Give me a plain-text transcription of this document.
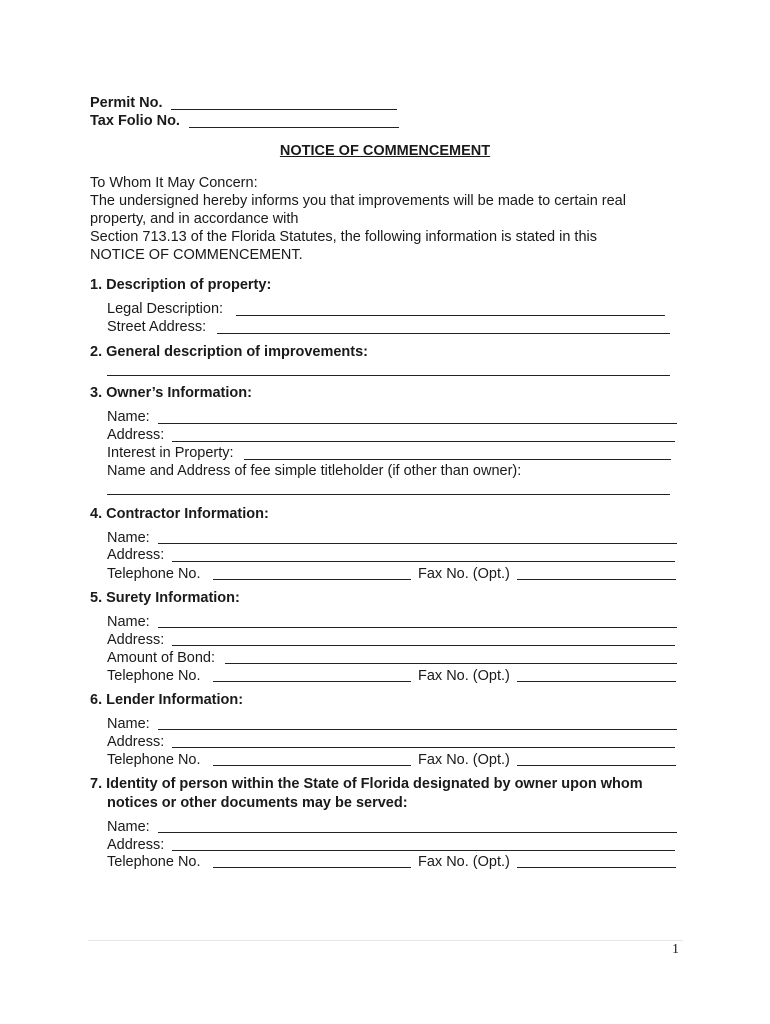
Permit No.
Tax Folio No.
NOTICE OF COMMENCEMENT
To Whom It May Concern:
The undersigned hereby informs you that improvements will be made to certain real
property, and in accordance with
Section 713.13 of the Florida Statutes, the following information is stated in this
NOTICE OF COMMENCEMENT.
1. Description of property:
Legal Description:
Street Address:
2. General description of improvements:
3. Owner’s Information:
Name:
Address:
Interest in Property:
Name and Address of fee simple titleholder (if other than owner):
4. Contractor Information:
Name:
Address:
Telephone No.	Fax No. (Opt.)
5. Surety Information:
Name:
Address:
Amount of Bond:
Telephone No.	Fax No. (Opt.)
6. Lender Information:
Name:
Address:
Telephone No.	Fax No. (Opt.)
7. Identity of person within the State of Florida designated by owner upon whom
notices or other documents may be served:
Name:
Address:
Telephone No.	Fax No. (Opt.)
1
